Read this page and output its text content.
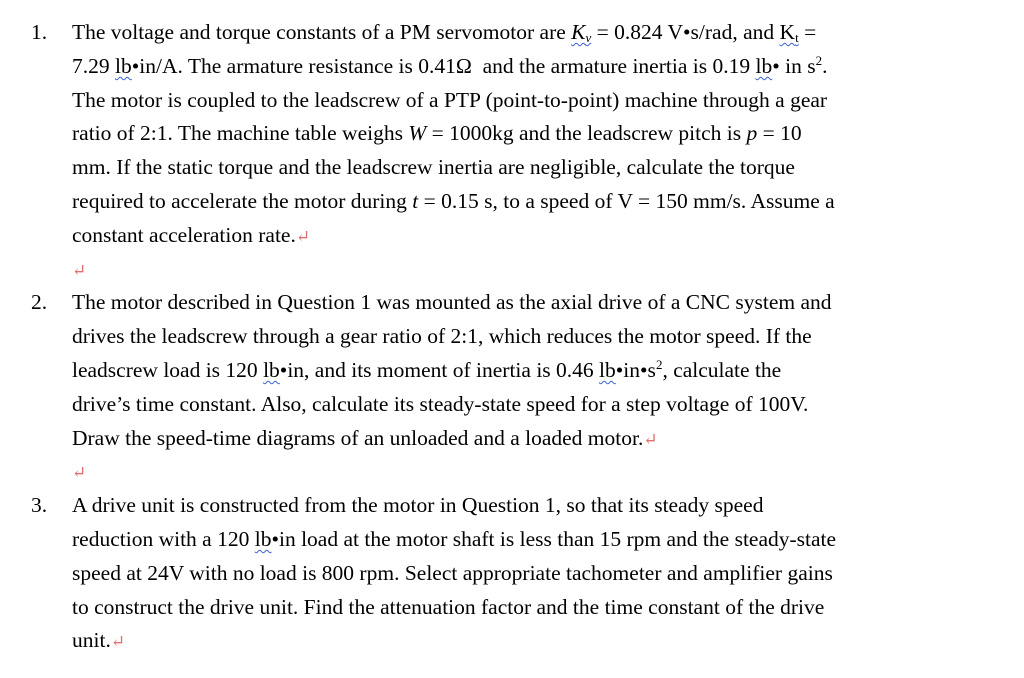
1. The voltage and torque constants of a PM servomotor are $K_v = 0.824$ V•s/rad, and $K_t$ =
7.29 lb•in/A. The armature resistance is 0.41Ω  and the armature inertia is 0.19 lb• in $s^2$.
The motor is coupled to the leadscrew of a PTP (point-to-point) machine through a gear
ratio of 2:1. The machine table weighs W = 1000kg and the leadscrew pitch is p = 10
mm. If the static torque and the leadscrew inertia are negligible, calculate the torque
required to accelerate the motor during t = 0.15 s, to a speed of V = 150 mm/s. Assume a
constant acceleration rate.↵
↵
2. The motor described in Question 1 was mounted as the axial drive of a CNC system and
drives the leadscrew through a gear ratio of 2:1, which reduces the motor speed. If the
leadscrew load is 120 lb•in, and its moment of inertia is 0.46 $lb•in•s^2$, calculate the
drive’s time constant. Also, calculate its steady-state speed for a step voltage of 100V.
Draw the speed-time diagrams of an unloaded and a loaded motor.↵
↵
3. A drive unit is constructed from the motor in Question 1, so that its steady speed
reduction with a 120 lb•in load at the motor shaft is less than 15 rpm and the steady-state
speed at 24V with no load is 800 rpm. Select appropriate tachometer and amplifier gains
to construct the drive unit. Find the attenuation factor and the time constant of the drive
unit.↵
